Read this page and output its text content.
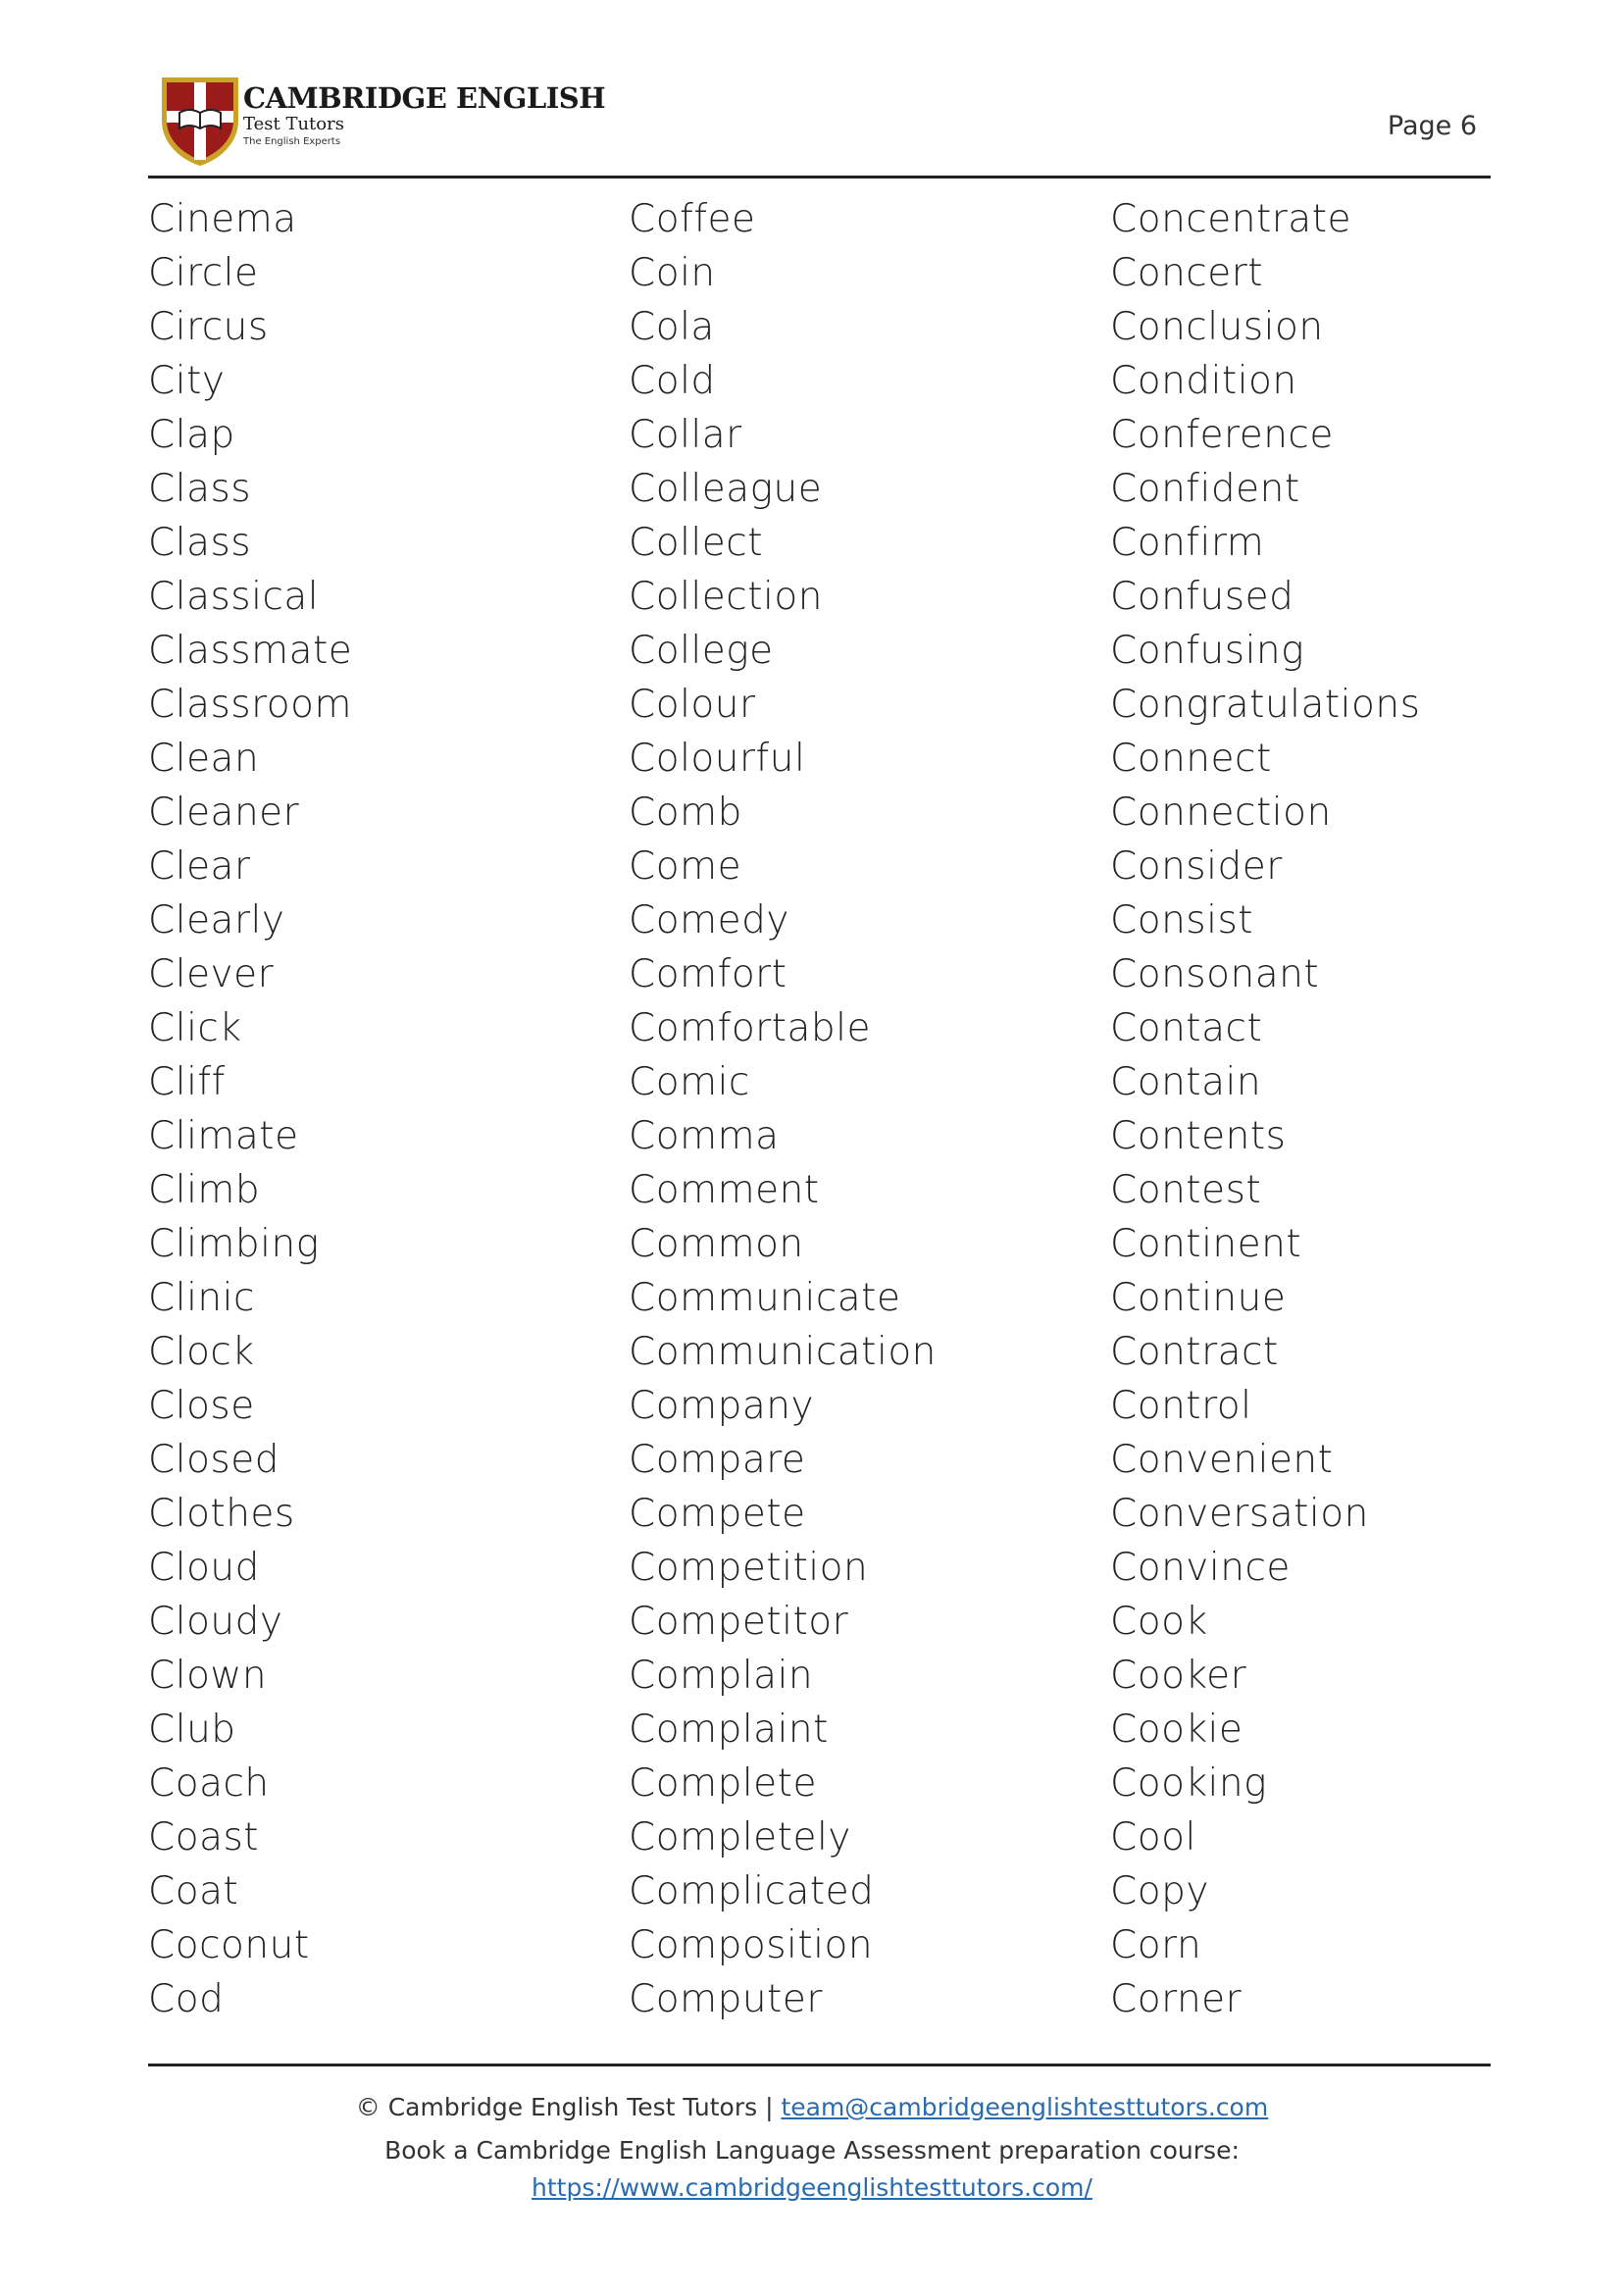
CAMBRIDGE ENGLISH
Test Tutors
The English Experts
Page 6
Cinema
Circle
Circus
City
Clap
Class
Class
Classical
Classmate
Classroom
Clean
Cleaner
Clear
Clearly
Clever
Click
Cliff
Climate
Climb
Climbing
Clinic
Clock
Close
Closed
Clothes
Cloud
Cloudy
Clown
Club
Coach
Coast
Coat
Coconut
Cod
Coffee
Coin
Cola
Cold
Collar
Colleague
Collect
Collection
College
Colour
Colourful
Comb
Come
Comedy
Comfort
Comfortable
Comic
Comma
Comment
Common
Communicate
Communication
Company
Compare
Compete
Competition
Competitor
Complain
Complaint
Complete
Completely
Complicated
Composition
Computer
Concentrate
Concert
Conclusion
Condition
Conference
Confident
Confirm
Confused
Confusing
Congratulations
Connect
Connection
Consider
Consist
Consonant
Contact
Contain
Contents
Contest
Continent
Continue
Contract
Control
Convenient
Conversation
Convince
Cook
Cooker
Cookie
Cooking
Cool
Copy
Corn
Corner
© Cambridge English Test Tutors | team@cambridgeenglishtesttutors.com
Book a Cambridge English Language Assessment preparation course:
https://www.cambridgeenglishtesttutors.com/
